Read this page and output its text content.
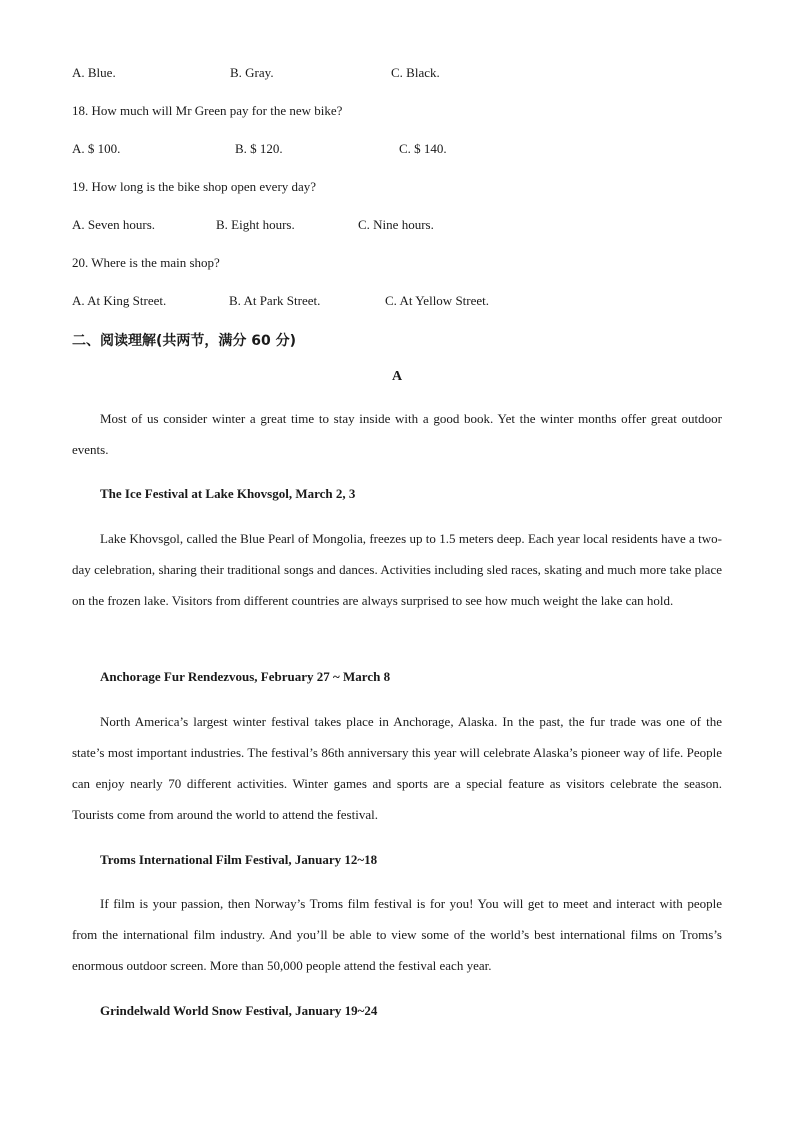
A. Blue.	B. Gray.	C. Black.
18. How much will Mr Green pay for the new bike?
A. $ 100.	B. $ 120.	C. $ 140.
19. How long is the bike shop open every day?
A. Seven hours.	B. Eight hours.	C. Nine hours.
20. Where is the main shop?
A. At King Street.	B. At Park Street.	C. At Yellow Street.
二、阅读理解(共两节，满分 60 分)
A

Most of us consider winter a great time to stay inside with a good book. Yet the winter months offer great outdoor events.

The Ice Festival at Lake Khovsgol, March 2, 3

Lake Khovsgol, called the Blue Pearl of Mongolia, freezes up to 1.5 meters deep. Each year local residents have a two-day celebration, sharing their traditional songs and dances. Activities including sled races, skating and much more take place on the frozen lake. Visitors from different countries are always surprised to see how much weight the lake can hold.

Anchorage Fur Rendezvous, February 27 ~ March 8

North America’s largest winter festival takes place in Anchorage, Alaska. In the past, the fur trade was one of the state’s most important industries. The festival’s 86th anniversary this year will celebrate Alaska’s pioneer way of life. People can enjoy nearly 70 different activities. Winter games and sports are a special feature as visitors celebrate the season. Tourists come from around the world to attend the festival.

Troms International Film Festival, January 12~18

If film is your passion, then Norway’s Troms film festival is for you! You will get to meet and interact with people from the international film industry. And you’ll be able to view some of the world’s best international films on Troms’s enormous outdoor screen. More than 50,000 people attend the festival each year.

Grindelwald World Snow Festival, January 19~24
